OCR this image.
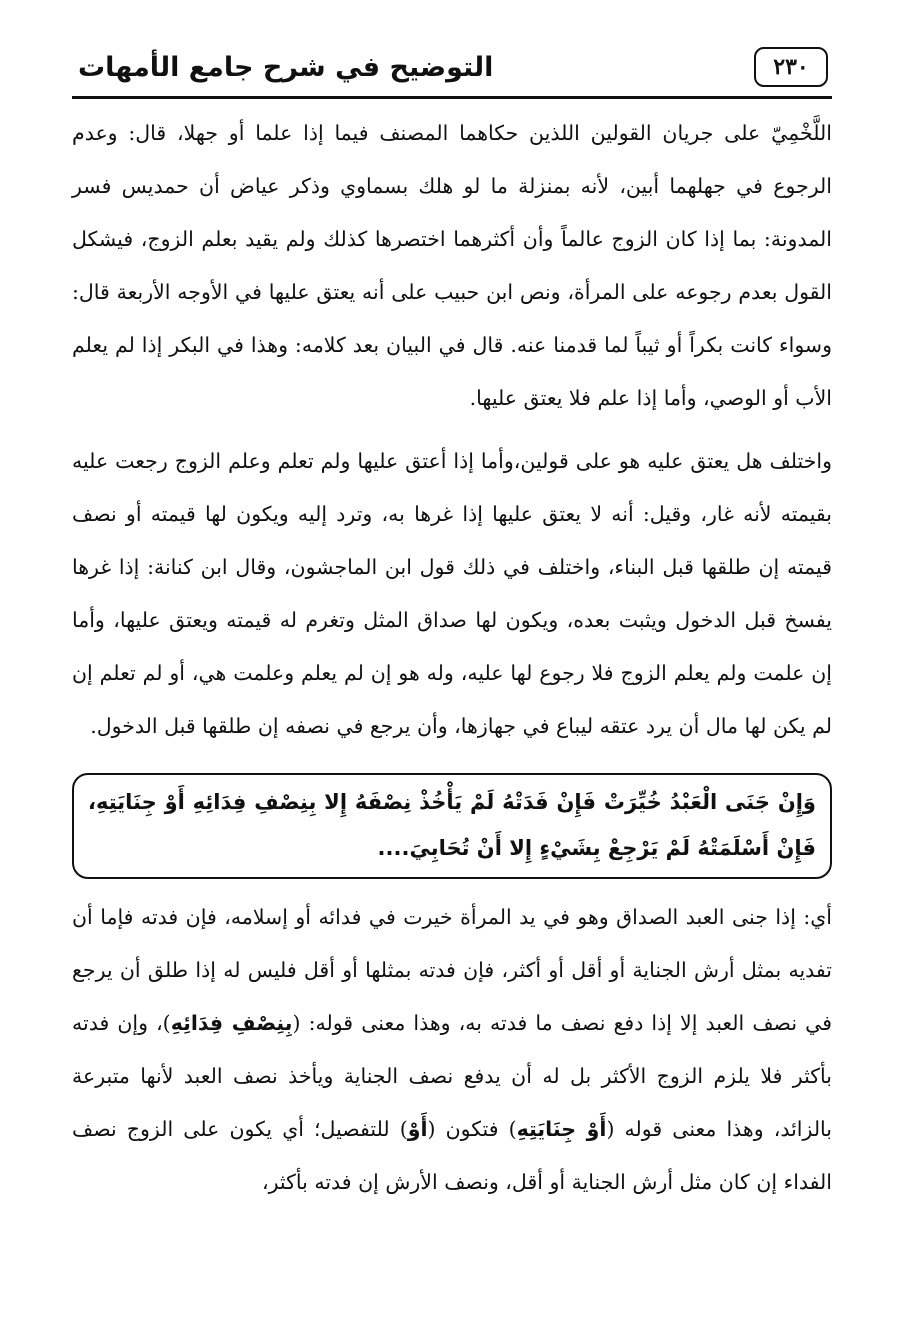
٢٣٠
التوضيح في شرح جامع الأمهات

اللَّخْمِيّ على جريان القولين اللذين حكاهما المصنف فيما إذا علما أو جهلا، قال: وعدم الرجوع في جهلهما أبين، لأنه بمنزلة ما لو هلك بسماوي وذكر عياض أن حمديس فسر المدونة: بما إذا كان الزوج عالماً وأن أكثرهما اختصرها كذلك ولم يقيد بعلم الزوج، فيشكل القول بعدم رجوعه على المرأة، ونص ابن حبيب على أنه يعتق عليها في الأوجه الأربعة قال: وسواء كانت بكراً أو ثيباً لما قدمنا عنه. قال في البيان بعد كلامه: وهذا في البكر إذا لم يعلم الأب أو الوصي، وأما إذا علم فلا يعتق عليها.

واختلف هل يعتق عليه هو على قولين،وأما إذا أعتق عليها ولم تعلم وعلم الزوج رجعت عليه بقيمته لأنه غار، وقيل: أنه لا يعتق عليها إذا غرها به، وترد إليه ويكون لها قيمته أو نصف قيمته إن طلقها قبل البناء، واختلف في ذلك قول ابن الماجشون، وقال ابن كنانة: إذا غرها يفسخ قبل الدخول ويثبت بعده، ويكون لها صداق المثل وتغرم له قيمته ويعتق عليها، وأما إن علمت ولم يعلم الزوج فلا رجوع لها عليه، وله هو إن لم يعلم وعلمت هي، أو لم تعلم إن لم يكن لها مال أن يرد عتقه ليباع في جهازها، وأن يرجع في نصفه إن طلقها قبل الدخول.

وَإِنْ جَنَى الْعَبْدُ خُيِّرَتْ فَإِنْ فَدَتْهُ لَمْ يَأْخُذْ نِصْفَهُ إِلا بِنِصْفِ فِدَائِهِ أَوْ جِنَايَتِهِ، فَإِنْ أَسْلَمَتْهُ لَمْ يَرْجِعْ بِشَيْءٍ إِلا أَنْ تُحَابِيَ....

أي: إذا جنى العبد الصداق وهو في يد المرأة خيرت في فدائه أو إسلامه، فإن فدته فإما أن تفديه بمثل أرش الجناية أو أقل أو أكثر، فإن فدته بمثلها أو أقل فليس له إذا طلق أن يرجع في نصف العبد إلا إذا دفع نصف ما فدته به، وهذا معنى قوله: (بِنِصْفِ فِدَائِهِ)، وإن فدته بأكثر فلا يلزم الزوج الأكثر بل له أن يدفع نصف الجناية ويأخذ نصف العبد لأنها متبرعة بالزائد، وهذا معنى قوله (أَوْ جِنَايَتِهِ) فتكون (أَوْ) للتفصيل؛ أي يكون على الزوج نصف الفداء إن كان مثل أرش الجناية أو أقل، ونصف الأرش إن فدته بأكثر،
